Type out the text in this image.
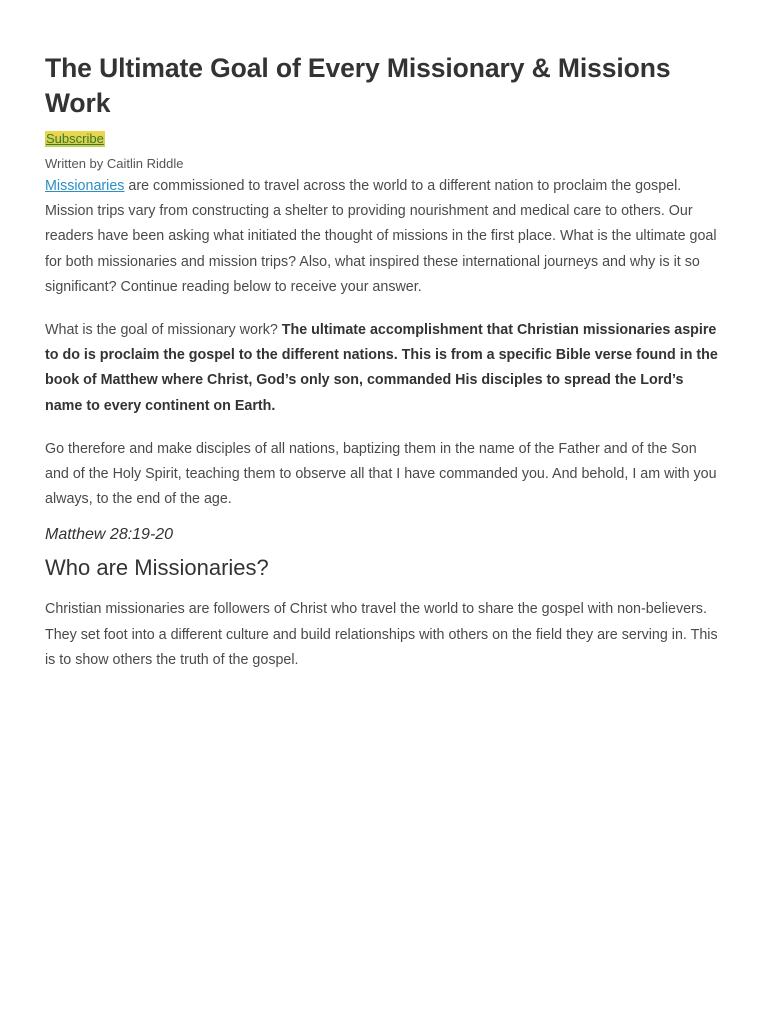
The Ultimate Goal of Every Missionary & Missions Work
Subscribe
Written by Caitlin Riddle

Missionaries are commissioned to travel across the world to a different nation to proclaim the gospel. Mission trips vary from constructing a shelter to providing nourishment and medical care to others. Our readers have been asking what initiated the thought of missions in the first place. What is the ultimate goal for both missionaries and mission trips? Also, what inspired these international journeys and why is it so significant? Continue reading below to receive your answer.

What is the goal of missionary work? The ultimate accomplishment that Christian missionaries aspire to do is proclaim the gospel to the different nations. This is from a specific Bible verse found in the book of Matthew where Christ, God’s only son, commanded His disciples to spread the Lord’s name to every continent on Earth.

Go therefore and make disciples of all nations, baptizing them in the name of the Father and of the Son and of the Holy Spirit, teaching them to observe all that I have commanded you. And behold, I am with you always, to the end of the age.

Matthew 28:19-20
Who are Missionaries?

Christian missionaries are followers of Christ who travel the world to share the gospel with non-believers. They set foot into a different culture and build relationships with others on the field they are serving in. This is to show others the truth of the gospel.
